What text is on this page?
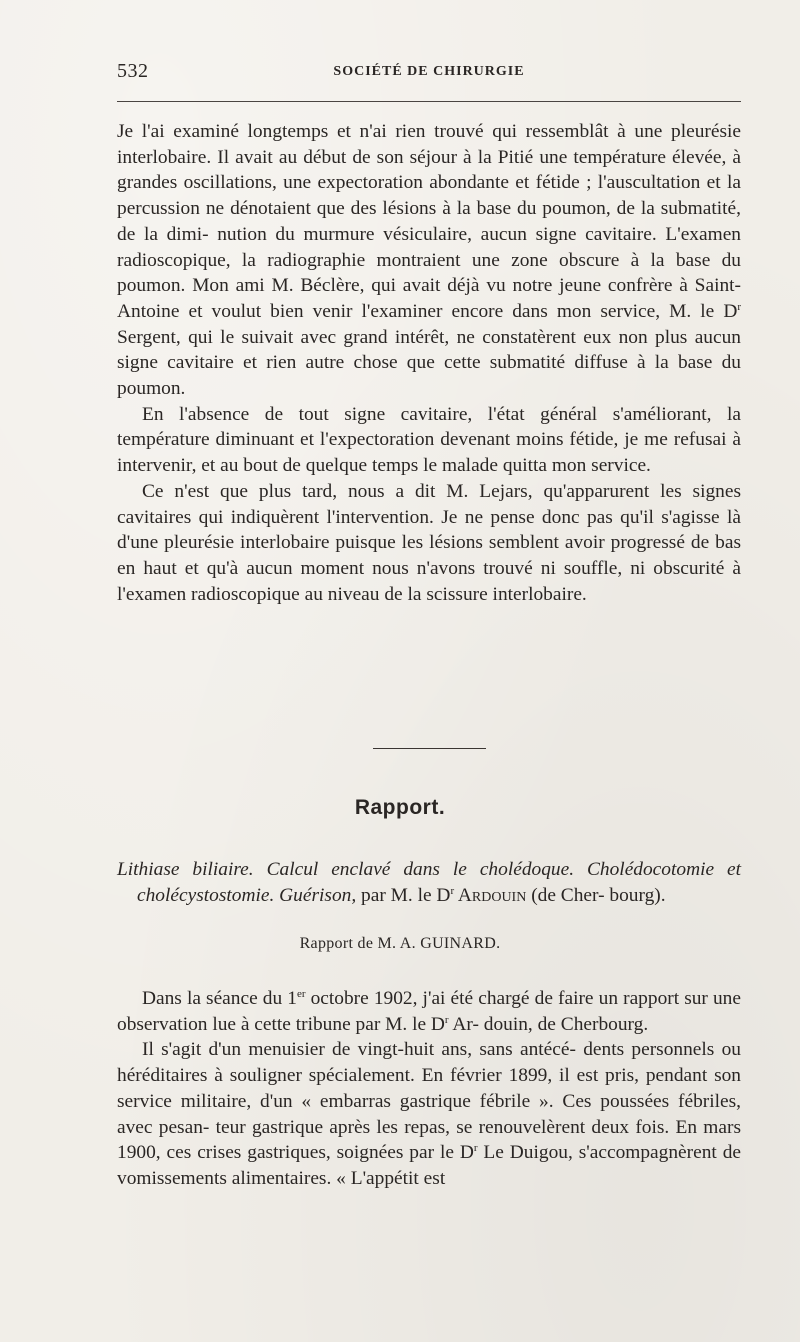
532	SOCIÉTÉ DE CHIRURGIE

Je l'ai examiné longtemps et n'ai rien trouvé qui ressemblât à une pleurésie interlobaire. Il avait au début de son séjour à la Pitié une température élevée, à grandes oscillations, une expectoration abondante et fétide ; l'auscultation et la percussion ne dénotaient que des lésions à la base du poumon, de la submatité, de la dimi- nution du murmure vésiculaire, aucun signe cavitaire. L'examen radioscopique, la radiographie montraient une zone obscure à la base du poumon. Mon ami M. Béclère, qui avait déjà vu notre jeune confrère à Saint-Antoine et voulut bien venir l'examiner encore dans mon service, M. le $D^r$ Sergent, qui le suivait avec grand intérêt, ne constatèrent eux non plus aucun signe cavitaire et rien autre chose que cette submatité diffuse à la base du poumon.

En l'absence de tout signe cavitaire, l'état général s'améliorant, la température diminuant et l'expectoration devenant moins fétide, je me refusai à intervenir, et au bout de quelque temps le malade quitta mon service.

Ce n'est que plus tard, nous a dit M. Lejars, qu'apparurent les signes cavitaires qui indiquèrent l'intervention. Je ne pense donc pas qu'il s'agisse là d'une pleurésie interlobaire puisque les lésions semblent avoir progressé de bas en haut et qu'à aucun moment nous n'avons trouvé ni souffle, ni obscurité à l'examen radioscopique au niveau de la scissure interlobaire.

Rapport.
Lithiase biliaire. Calcul enclavé dans le cholédoque. Cholédocotomie et cholécystostomie. Guérison, par M. le $D^r$ Ardouin (de Cher- bourg).
Rapport de M. A. GUINARD.

Dans la séance du 1er octobre 1902, j'ai été chargé de faire un rapport sur une observation lue à cette tribune par M. le $D^r$ Ar- douin, de Cherbourg.

Il s'agit d'un menuisier de vingt-huit ans, sans antécé- dents personnels ou héréditaires à souligner spécialement. En février 1899, il est pris, pendant son service militaire, d'un « embarras gastrique fébrile ». Ces poussées fébriles, avec pesan- teur gastrique après les repas, se renouvelèrent deux fois. En mars 1900, ces crises gastriques, soignées par le $D^r$ Le Duigou, s'accompagnèrent de vomissements alimentaires. « L'appétit est
